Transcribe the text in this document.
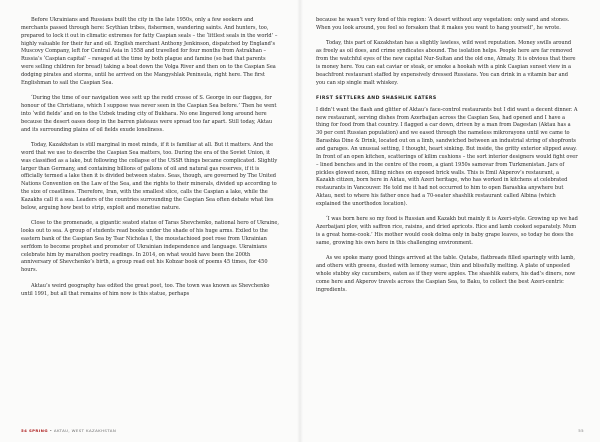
Before Ukrainians and Russians built the city in the late 1950s, only a few seekers and merchants passed through here: Scythian tribes, fishermen, wandering saints. And hunters, too, prepared to lock it out in climatic extremes for fatty Caspian seals – the ‘littlest seals in the world’ – highly valuable for their fur and oil. English merchant Anthony Jenkinson, dispatched by England’s Muscovy Company, left for Central Asia in 1558 and travelled for four months from Astrakhan – Russia’s ‘Caspian capital’ – ravaged at the time by both plague and famine (so bad that parents were selling children for bread) taking a boat down the Volga River and then on to the Caspian Sea dodging pirates and storms, until he arrived on the Mangyshlak Peninsula, right here. The first Englishman to sail the Caspian Sea.

‘During the time of our navigation wee sett up the redd crosse of S. George in our flagges, for honour of the Christians, which I suppose was never seen in the Caspian Sea before.’ Then he went into ‘wild fields’ and on to the Uzbek trading city of Bukhara. No one lingered long around here because the desert oases deep in the barren plateaus were spread too far apart. Still today, Aktau and its surrounding plains of oil fields exude loneliness.

Today, Kazakhstan is still marginal in most minds, if it is familiar at all. But it matters. And the word that we use to describe the Caspian Sea matters, too. During the era of the Soviet Union, it was classified as a lake, but following the collapse of the USSR things became complicated. Slightly larger than Germany, and containing billions of gallons of oil and natural gas reserves, if it is officially termed a lake then it is divided between states. Seas, though, are governed by The United Nations Convention on the Law of the Sea, and the rights to their minerals, divided up according to the size of coastlines. Therefore, Iran, with the smallest slice, calls the Caspian a lake, while the Kazakhs call it a sea. Leaders of the countries surrounding the Caspian Sea often debate what lies below, arguing how best to strip, exploit and monetise nature.

Close to the promenade, a gigantic seated statue of Taras Shevchenko, national hero of Ukraine, looks out to sea. A group of students read books under the shade of his huge arms. Exiled to the eastern bank of the Caspian Sea by Tsar Nicholas I, the moustachioed poet rose from Ukrainian serfdom to become prophet and promoter of Ukrainian independence and language. Ukrainians celebrate him by marathon poetry readings. In 2014, on what would have been the 200th anniversary of Shevchenko’s birth, a group read out his Kobzar book of poems 45 times, for 450 hours.

Aktau’s weird geography has edited the great poet, too. The town was known as Shevchenko until 1991, but all that remains of him now is this statue, perhaps

54 SPRING • AKTAU, WEST KAZAKHSTAN

because he wasn’t very fond of this region: ‘A desert without any vegetation: only sand and stones. When you look around, you feel so forsaken that it makes you want to hang yourself’, he wrote.

Today, this part of Kazakhstan has a slightly lawless, wild west reputation. Money swills around as freely as oil does, and crime syndicates abound. The isolation helps. People here are far removed from the watchful eyes of the new capital Nur-Sultan and the old one, Almaty. It is obvious that there is money here. You can eat caviar or steak, or smoke a hookah with a pink Caspian sunset view in a beachfront restaurant staffed by expensively dressed Russians. You can drink in a vitamin bar and you can sip single malt whiskey.

FIRST SETTLERS AND SHASHLIK EATERS

I didn’t want the flash and glitter of Aktau’s face-control restaurants but I did want a decent dinner. A new restaurant, serving dishes from Azerbaijan across the Caspian Sea, had opened and I have a thing for food from that country. I flagged a car down, driven by a man from Dagestan (Aktau has a 30 per cent Russian population) and we eased through the nameless mikrorayons until we came to Barashka Dine & Drink, located out on a limb, sandwiched between an industrial string of shopfronts and garages. An unusual setting, I thought, heart sinking. But inside, the gritty exterior slipped away. In front of an open kitchen, scatterings of kilim cushions – the sort interior designers would fight over – lined benches and in the centre of the room, a giant 1950s samovar from Turkmenistan. Jars of pickles glowed neon, filling niches on exposed brick walls. This is Emil Akperov’s restaurant, a Kazakh citizen, born here in Aktau, with Azeri heritage, who has worked in kitchens at celebrated restaurants in Vancouver. He told me it had not occurred to him to open Barashka anywhere but Aktau, next to where his father once had a 70-seater shashlik restaurant called Albina (which explained the unorthodox location).

‘I was born here so my food is Russian and Kazakh but mainly it is Azeri-style. Growing up we had Azerbaijani plov, with saffron rice, raisins, and dried apricots. Rice and lamb cooked separately. Mum is a great home-cook.’ His mother would cook dolma only in baby grape leaves, so today he does the same, growing his own here in this challenging environment.

As we spoke many good things arrived at the table. Qutabs, flatbreads filled sparingly with lamb, and others with greens, dusted with lemony sumac, thin and blissfully melting. A plate of unpeeled whole stubby sky cucumbers, eaten as if they were apples. The shashlik eaters, his dad’s diners, now come here and Akperov travels across the Caspian Sea, to Baku, to collect the best Azeri-centric ingredients.

55
